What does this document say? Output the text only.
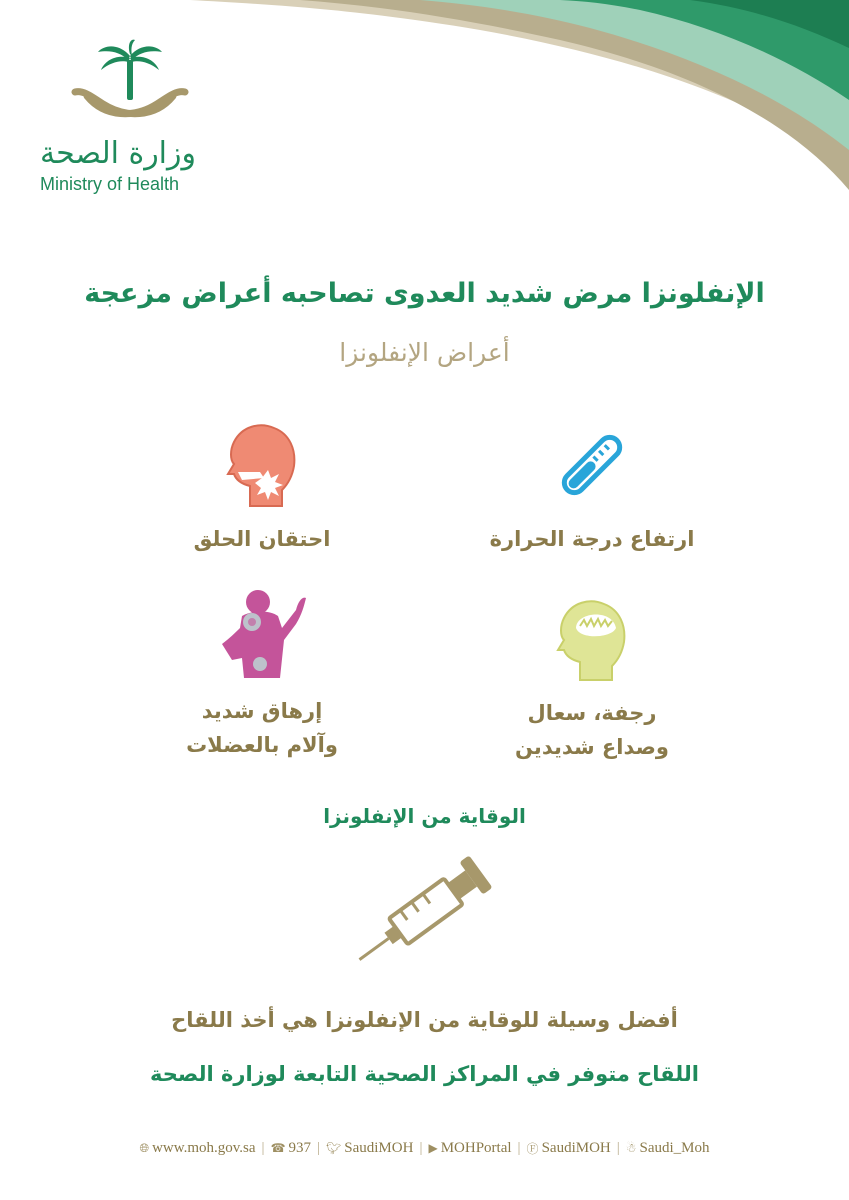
وزارة الصحة
Ministry of Health
الإنفلونزا مرض شديد العدوى تصاحبه أعراض مزعجة
أعراض الإنفلونزا
ارتفاع درجة الحرارة
احتقان الحلق
رجفة، سعال
وصداع شديدين
إرهاق شديد
وآلام بالعضلات
الوقاية من الإنفلونزا
أفضل وسيلة للوقاية من الإنفلونزا هي أخذ اللقاح
اللقاح متوفر في المراكز الصحية التابعة لوزارة الصحة
🌐︎ www.moh.gov.sa | ☎︎ 937 | 🐦︎ SaudiMOH | ▶︎ MOHPortal | Ⓕ︎ SaudiMOH | ☃︎ Saudi_Moh
